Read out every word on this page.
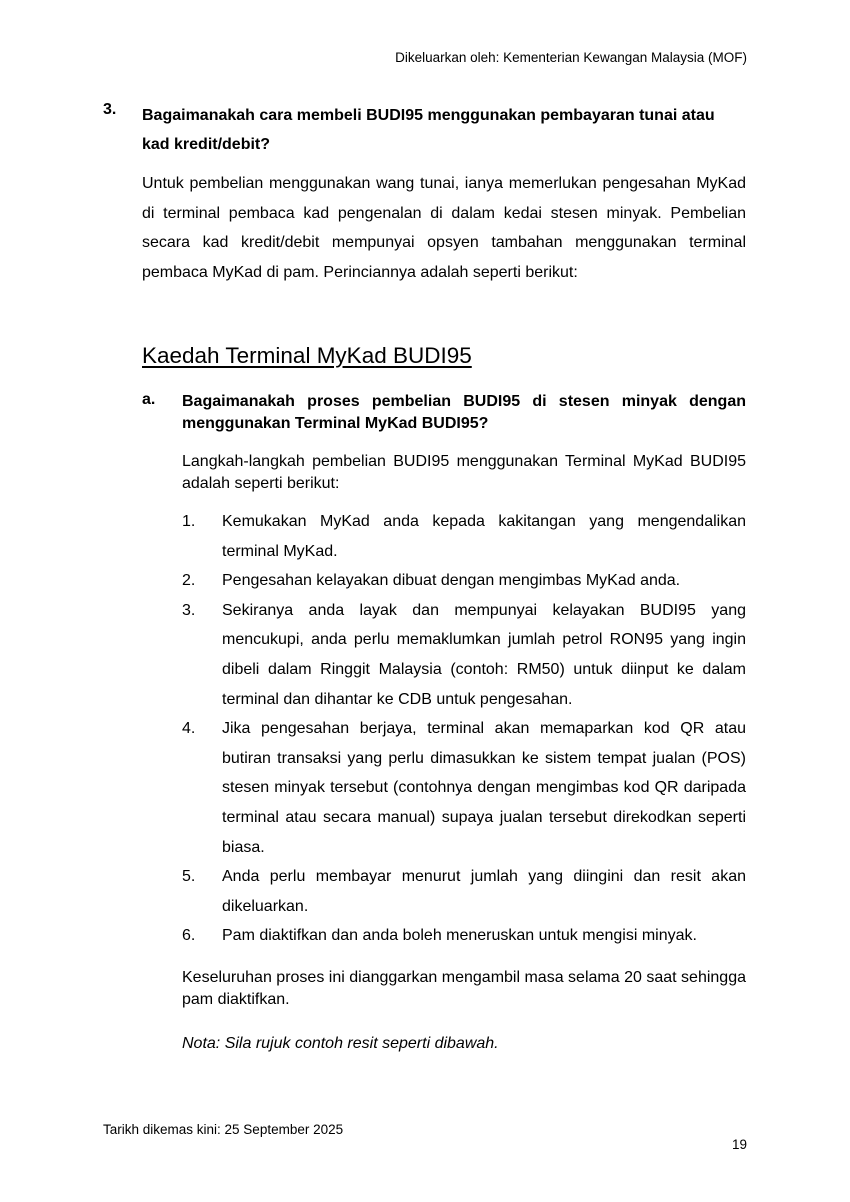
Dikeluarkan oleh: Kementerian Kewangan Malaysia (MOF)
3. Bagaimanakah cara membeli BUDI95 menggunakan pembayaran tunai atau kad kredit/debit?
Untuk pembelian menggunakan wang tunai, ianya memerlukan pengesahan MyKad di terminal pembaca kad pengenalan di dalam kedai stesen minyak. Pembelian secara kad kredit/debit mempunyai opsyen tambahan menggunakan terminal pembaca MyKad di pam. Perinciannya adalah seperti berikut:
Kaedah Terminal MyKad BUDI95
a. Bagaimanakah proses pembelian BUDI95 di stesen minyak dengan menggunakan Terminal MyKad BUDI95?
Langkah-langkah pembelian BUDI95 menggunakan Terminal MyKad BUDI95 adalah seperti berikut:
1. Kemukakan MyKad anda kepada kakitangan yang mengendalikan terminal MyKad.
2. Pengesahan kelayakan dibuat dengan mengimbas MyKad anda.
3. Sekiranya anda layak dan mempunyai kelayakan BUDI95 yang mencukupi, anda perlu memaklumkan jumlah petrol RON95 yang ingin dibeli dalam Ringgit Malaysia (contoh: RM50) untuk diinput ke dalam terminal dan dihantar ke CDB untuk pengesahan.
4. Jika pengesahan berjaya, terminal akan memaparkan kod QR atau butiran transaksi yang perlu dimasukkan ke sistem tempat jualan (POS) stesen minyak tersebut (contohnya dengan mengimbas kod QR daripada terminal atau secara manual) supaya jualan tersebut direkodkan seperti biasa.
5. Anda perlu membayar menurut jumlah yang diingini dan resit akan dikeluarkan.
6. Pam diaktifkan dan anda boleh meneruskan untuk mengisi minyak.
Keseluruhan proses ini dianggarkan mengambil masa selama 20 saat sehingga pam diaktifkan.
Nota: Sila rujuk contoh resit seperti dibawah.
Tarikh dikemas kini: 25 September 2025
19
